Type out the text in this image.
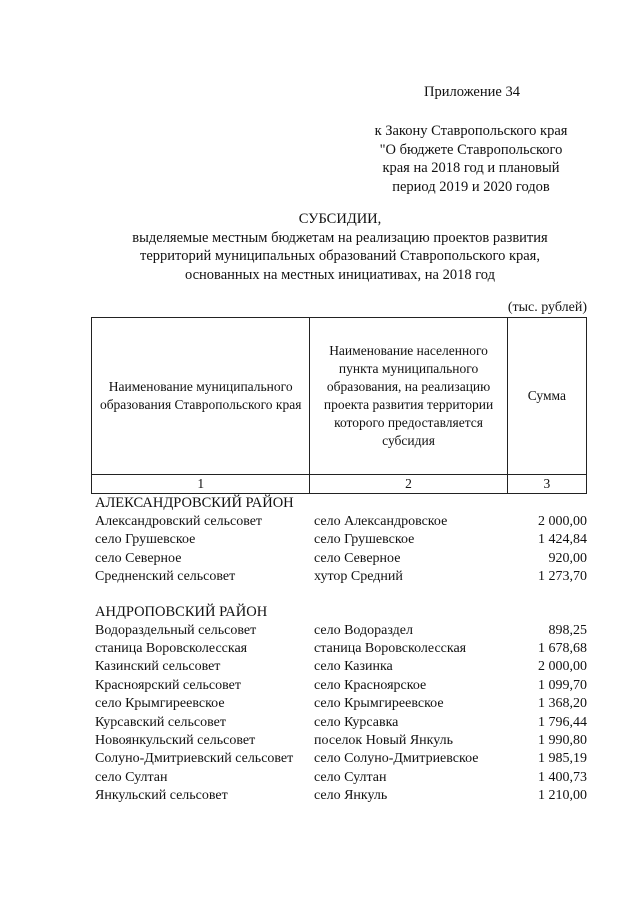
Приложение 34
к Закону Ставропольского края
"О бюджете Ставропольского
края на 2018 год и плановый
период 2019 и 2020 годов
СУБСИДИИ,
выделяемые местным бюджетам на реализацию проектов развития
территорий муниципальных образований Ставропольского края,
основанных на местных инициативах, на 2018 год
(тыс. рублей)
Наименование муниципального образования Ставропольского края	Наименование населенного пункта муниципального образования, на реализацию проекта развития территории которого предоставляется субсидия	Сумма
1	2	3
АЛЕКСАНДРОВСКИЙ РАЙОН
Александровский сельсовет	село Александровское	2 000,00
село Грушевское	село Грушевское	1 424,84
село Северное	село Северное	920,00
Средненский сельсовет	хутор Средний	1 273,70
АНДРОПОВСКИЙ РАЙОН
Водораздельный сельсовет	село Водораздел	898,25
станица Воровсколесская	станица Воровсколесская	1 678,68
Казинский сельсовет	село Казинка	2 000,00
Красноярский сельсовет	село Красноярское	1 099,70
село Крымгиреевское	село Крымгиреевское	1 368,20
Курсавский сельсовет	село Курсавка	1 796,44
Новоянкульский сельсовет	поселок Новый Янкуль	1 990,80
Солуно-Дмитриевский сельсовет	село Солуно-Дмитриевское	1 985,19
село Султан	село Султан	1 400,73
Янкульский сельсовет	село Янкуль	1 210,00
